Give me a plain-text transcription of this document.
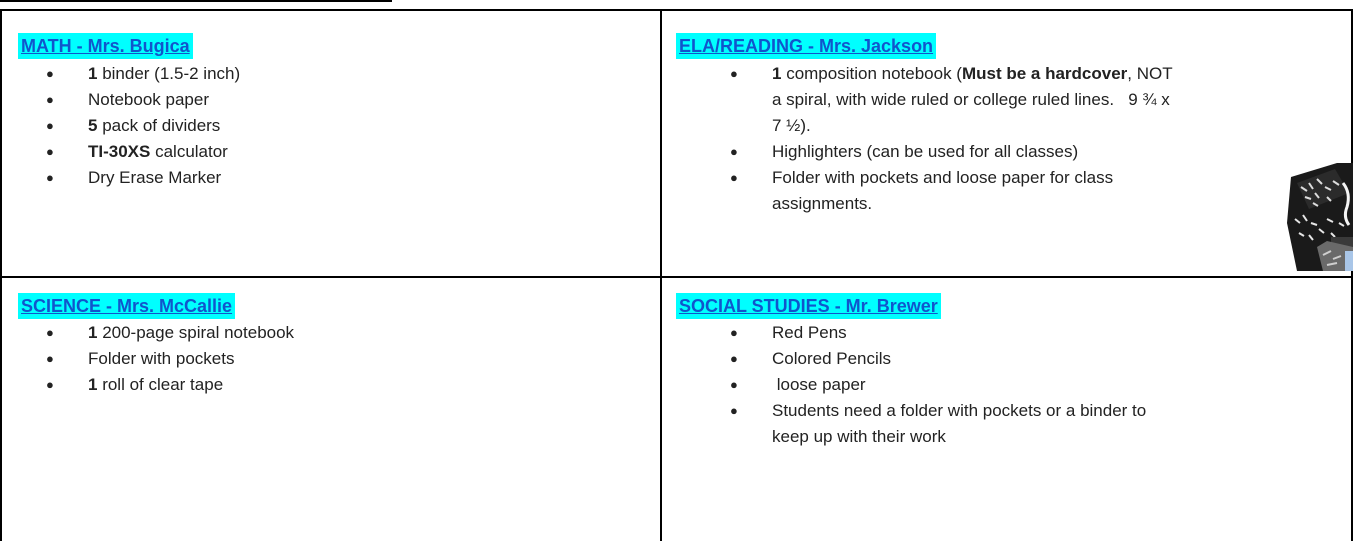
MATH - Mrs. Bugica
● 1 binder (1.5-2 inch)
● Notebook paper
● 5 pack of dividers
● TI-30XS calculator
● Dry Erase Marker
ELA/READING - Mrs. Jackson
● 1 composition notebook (Must be a hardcover, NOT
a spiral, with wide ruled or college ruled lines.   9 ¾ x
7 ½).
● Highlighters (can be used for all classes)
● Folder with pockets and loose paper for class
assignments.
SCIENCE - Mrs. McCallie
● 1 200-page spiral notebook
● Folder with pockets
● 1 roll of clear tape
SOCIAL STUDIES - Mr. Brewer
● Red Pens
● Colored Pencils
● loose paper
● Students need a folder with pockets or a binder to
keep up with their work
